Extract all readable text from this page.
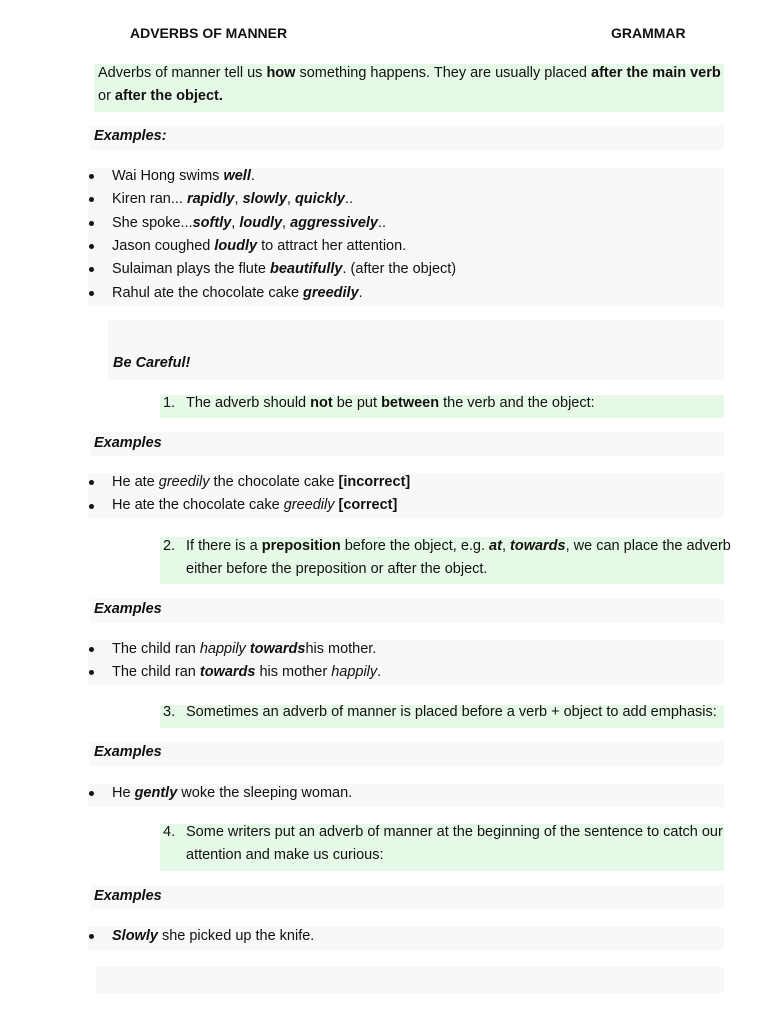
ADVERBS OF MANNER	GRAMMAR
Adverbs of manner tell us how something happens. They are usually placed after the main verb
or after the object.
Examples:
Wai Hong swims well.
Kiren ran... rapidly, slowly, quickly..
She spoke...softly, loudly, aggressively..
Jason coughed loudly to attract her attention.
Sulaiman plays the flute beautifully. (after the object)
Rahul ate the chocolate cake greedily.
Be Careful!
1. The adverb should not be put between the verb and the object:
Examples
He ate greedily the chocolate cake [incorrect]
He ate the chocolate cake greedily [correct]
2. If there is a preposition before the object, e.g. at, towards, we can place the adverb
either before the preposition or after the object.
Examples
The child ran happily towardshis mother.
The child ran towards his mother happily.
3. Sometimes an adverb of manner is placed before a verb + object to add emphasis:
Examples
He gently woke the sleeping woman.
4. Some writers put an adverb of manner at the beginning of the sentence to catch our
attention and make us curious:
Examples
Slowly she picked up the knife.
